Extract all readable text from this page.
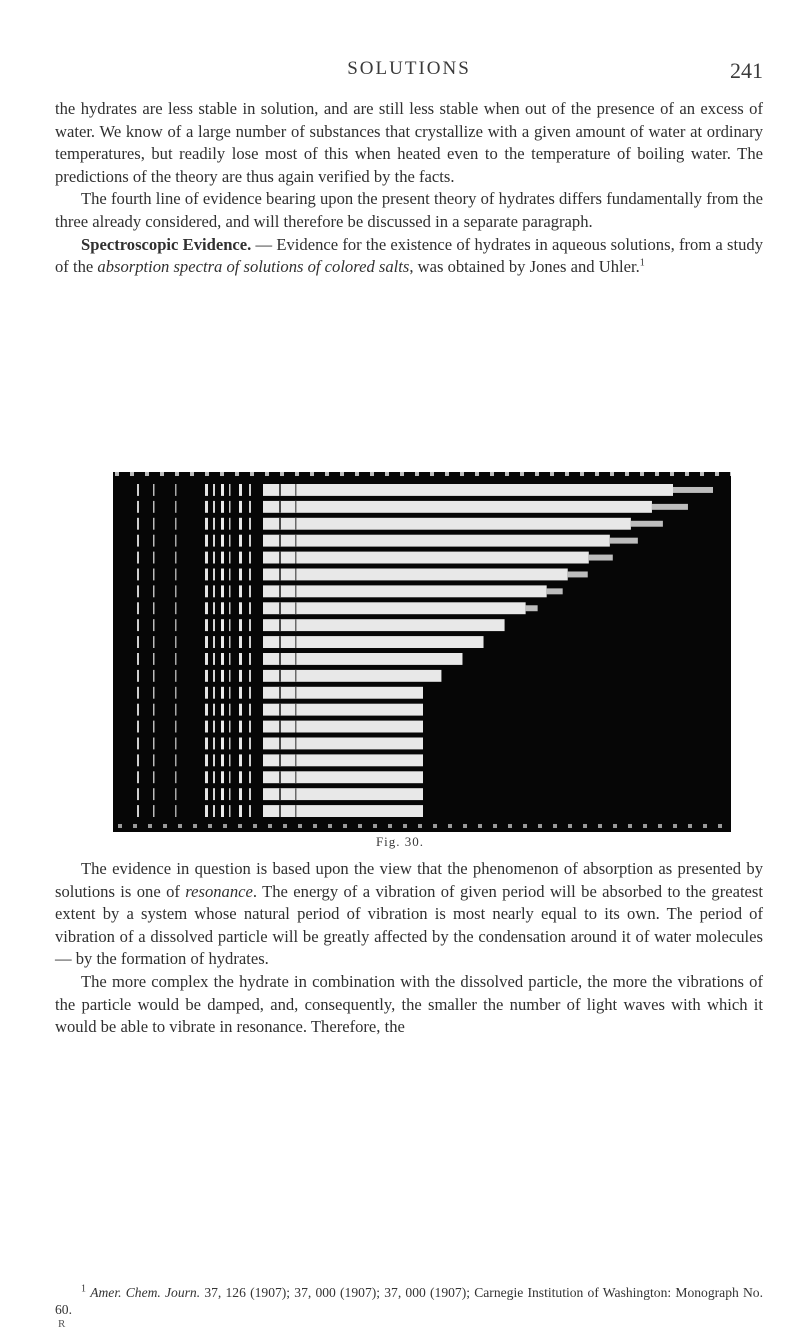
SOLUTIONS	241

the hydrates are less stable in solution, and are still less stable when out of the presence of an excess of water. We know of a large number of substances that crystallize with a given amount of water at ordinary temperatures, but readily lose most of this when heated even to the temperature of boiling water. The predictions of the theory are thus again verified by the facts.

The fourth line of evidence bearing upon the present theory of hydrates differs fundamentally from the three already considered, and will therefore be discussed in a separate paragraph.

Spectroscopic Evidence. — Evidence for the existence of hydrates in aqueous solutions, from a study of the absorption spectra of solutions of colored salts, was obtained by Jones and Uhler.$^1$

Fig. 30.

The evidence in question is based upon the view that the phenomenon of absorption as presented by solutions is one of resonance. The energy of a vibration of given period will be absorbed to the greatest extent by a system whose natural period of vibration is most nearly equal to its own. The period of vibration of a dissolved particle will be greatly affected by the condensation around it of water molecules — by the formation of hydrates.

The more complex the hydrate in combination with the dissolved particle, the more the vibrations of the particle would be damped, and, consequently, the smaller the number of light waves with which it would be able to vibrate in resonance. Therefore, the

$^1$ Amer. Chem. Journ. 37, 126 (1907); 37, 000 (1907); 37, 000 (1907); Carnegie Institution of Washington: Monograph No. 60.

R
